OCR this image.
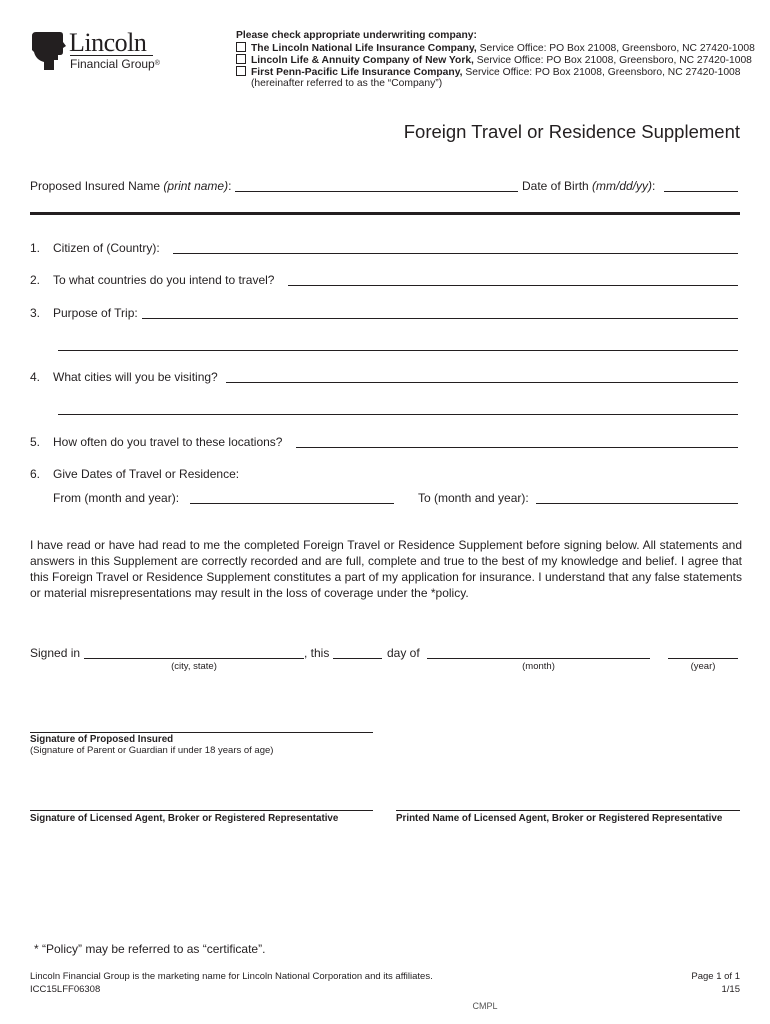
Lincoln
Financial Group®
Please check appropriate underwriting company:
The Lincoln National Life Insurance Company, Service Office: PO Box 21008, Greensboro, NC 27420-1008
Lincoln Life & Annuity Company of New York, Service Office: PO Box 21008, Greensboro, NC 27420-1008
First Penn-Pacific Life Insurance Company, Service Office: PO Box 21008, Greensboro, NC 27420-1008
(hereinafter referred to as the “Company”)
Foreign Travel or Residence Supplement
Proposed Insured Name (print name):	Date of Birth (mm/dd/yy):
1. Citizen of (Country):
2. To what countries do you intend to travel?
3. Purpose of Trip:
4. What cities will you be visiting?
5. How often do you travel to these locations?
6. Give Dates of Travel or Residence:
From (month and year):	To (month and year):
I have read or have had read to me the completed Foreign Travel or Residence Supplement before signing below. All statements and answers in this Supplement are correctly recorded and are full, complete and true to the best of my knowledge and belief. I agree that this Foreign Travel or Residence Supplement constitutes a part of my application for insurance. I understand that any false statements or material misrepresentations may result in the loss of coverage under the *policy.
Signed in
(city, state)
, this	day of
(month)	(year)
Signature of Proposed Insured
(Signature of Parent or Guardian if under 18 years of age)
Signature of Licensed Agent, Broker or Registered Representative	Printed Name of Licensed Agent, Broker or Registered Representative
* “Policy” may be referred to as “certificate”.
Lincoln Financial Group is the marketing name for Lincoln National Corporation and its affiliates.
ICC15LFF06308
Page 1 of 1
1/15
CMPL
